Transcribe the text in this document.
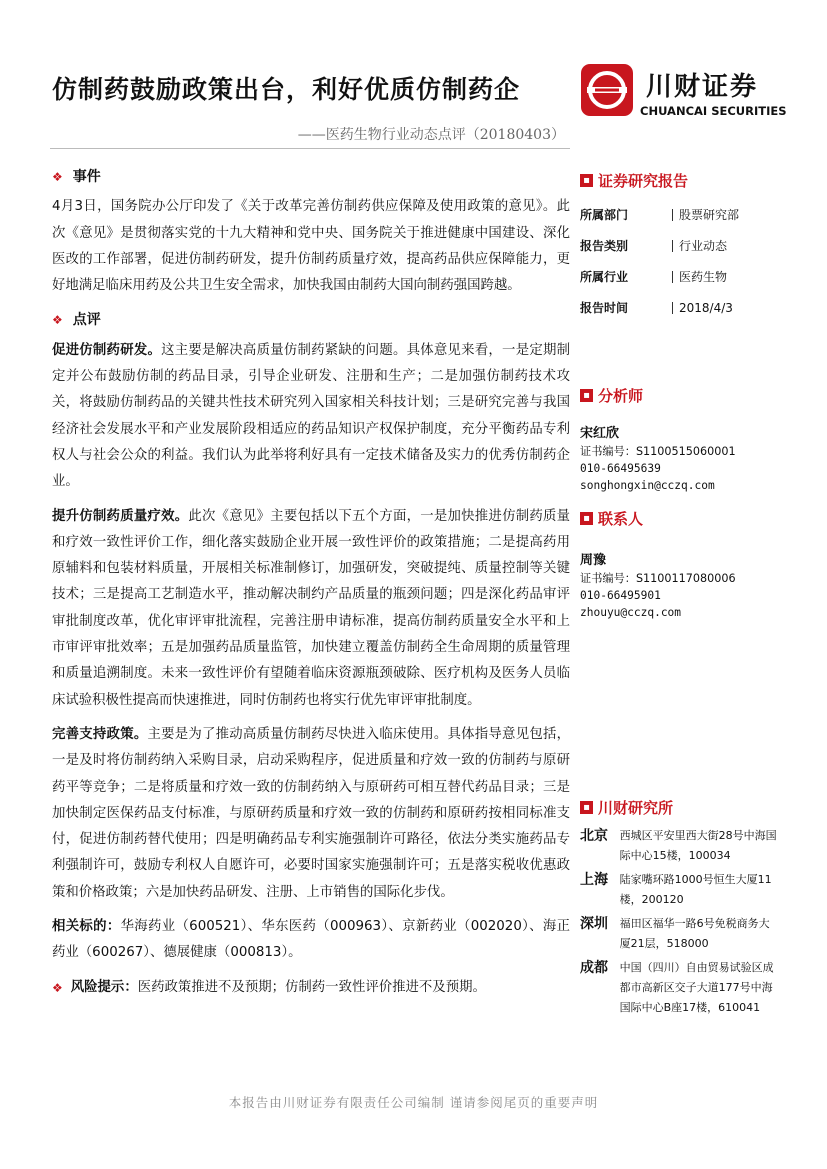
仿制药鼓励政策出台，利好优质仿制药企
——医药生物行业动态点评（20180403）
川财证券
CHUANCAI SECURITIES
❖ 事件

4月3日，国务院办公厅印发了《关于改革完善仿制药供应保障及使用政策的意见》。此次《意见》是贯彻落实党的十九大精神和党中央、国务院关于推进健康中国建设、深化医改的工作部署，促进仿制药研发，提升仿制药质量疗效，提高药品供应保障能力，更好地满足临床用药及公共卫生安全需求，加快我国由制药大国向制药强国跨越。

❖ 点评

促进仿制药研发。这主要是解决高质量仿制药紧缺的问题。具体意见来看，一是定期制定并公布鼓励仿制的药品目录，引导企业研发、注册和生产；二是加强仿制药技术攻关，将鼓励仿制药品的关键共性技术研究列入国家相关科技计划；三是研究完善与我国经济社会发展水平和产业发展阶段相适应的药品知识产权保护制度，充分平衡药品专利权人与社会公众的利益。我们认为此举将利好具有一定技术储备及实力的优秀仿制药企业。

提升仿制药质量疗效。此次《意见》主要包括以下五个方面，一是加快推进仿制药质量和疗效一致性评价工作，细化落实鼓励企业开展一致性评价的政策措施；二是提高药用原辅料和包装材料质量，开展相关标准制修订，加强研发，突破提纯、质量控制等关键技术；三是提高工艺制造水平，推动解决制约产品质量的瓶颈问题；四是深化药品审评审批制度改革，优化审评审批流程，完善注册申请标准，提高仿制药质量安全水平和上市审评审批效率；五是加强药品质量监管，加快建立覆盖仿制药全生命周期的质量管理和质量追溯制度。未来一致性评价有望随着临床资源瓶颈破除、医疗机构及医务人员临床试验积极性提高而快速推进，同时仿制药也将实行优先审评审批制度。

完善支持政策。主要是为了推动高质量仿制药尽快进入临床使用。具体指导意见包括，一是及时将仿制药纳入采购目录，启动采购程序，促进质量和疗效一致的仿制药与原研药平等竞争；二是将质量和疗效一致的仿制药纳入与原研药可相互替代药品目录；三是加快制定医保药品支付标准，与原研药质量和疗效一致的仿制药和原研药按相同标准支付，促进仿制药替代使用；四是明确药品专利实施强制许可路径，依法分类实施药品专利强制许可，鼓励专利权人自愿许可，必要时国家实施强制许可；五是落实税收优惠政策和价格政策；六是加快药品研发、注册、上市销售的国际化步伐。

相关标的：华海药业（600521）、华东医药（000963）、京新药业（002020）、海正药业（600267）、德展健康（000813）。

❖ 风险提示：医药政策推进不及预期；仿制药一致性评价推进不及预期。
▪ 证券研究报告
所属部门	股票研究部
报告类别	行业动态
所属行业	医药生物
报告时间	2018/4/3
▪ 分析师
宋红欣
证书编号：S1100515060001
010-66495639
songhongxin@cczq.com
▪ 联系人
周豫
证书编号：S1100117080006
010-66495901
zhouyu@cczq.com
▪ 川财研究所
北京	西城区平安里西大街28号中海国际中心15楼，100034
上海	陆家嘴环路1000号恒生大厦11楼，200120
深圳	福田区福华一路6号免税商务大厦21层，518000
成都	中国（四川）自由贸易试验区成都市高新区交子大道177号中海国际中心B座17楼，610041
本报告由川财证券有限责任公司编制 谨请参阅尾页的重要声明
